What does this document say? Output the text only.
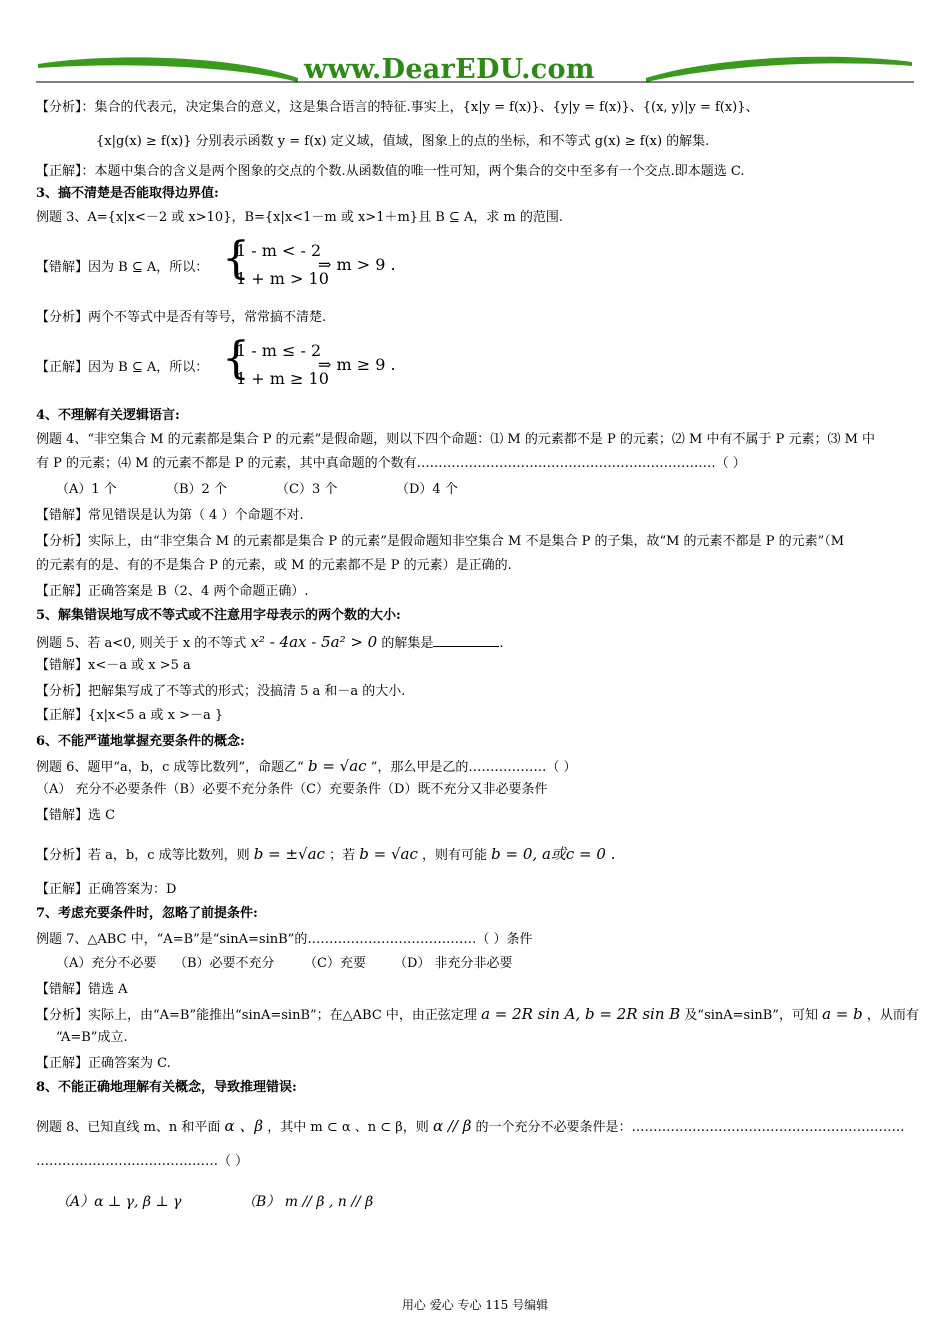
www.DearEDU.com
【分析】：集合的代表元，决定集合的意义，这是集合语言的特征.事实上，{x|y = f(x)}、{y|y = f(x)}、{(x, y)|y = f(x)}、
{x|g(x) ≥ f(x)} 分别表示函数 y = f(x) 定义域，值域，图象上的点的坐标，和不等式 g(x) ≥ f(x) 的解集.
【正解】：本题中集合的含义是两个图象的交点的个数.从函数值的唯一性可知，两个集合的交中至多有一个交点.即本题选 C.
3、搞不清楚是否能取得边界值:
例题 3、A={x|x<－2 或 x>10}，B={x|x<1－m 或 x>1＋m}且 B ⊆ A，求 m 的范围.
【错解】因为 B ⊆ A，所以： {
1 - m < - 2
1 + m > 10
⇒ m > 9 .
【分析】两个不等式中是否有等号，常常搞不清楚.
【正解】因为 B ⊆ A，所以： {
1 - m ≤ - 2
1 + m ≥ 10
⇒ m ≥ 9 .
4、不理解有关逻辑语言:
例题 4、“非空集合 M 的元素都是集合 P 的元素”是假命题，则以下四个命题：⑴ M 的元素都不是 P 的元素；⑵ M 中有不属于 P 元素；⑶ M 中
有 P 的元素；⑷ M 的元素不都是 P 的元素，其中真命题的个数有……………………………………………………………（ ）
（A）1 个	（B）2 个	（C）3 个	（D）4 个
【错解】常见错误是认为第（ 4 ）个命题不对.
【分析】实际上，由“非空集合 M 的元素都是集合 P 的元素”是假命题知非空集合 M 不是集合 P 的子集，故“M 的元素不都是 P 的元素”（M
的元素有的是、有的不是集合 P 的元素，或 M 的元素都不是 P 的元素）是正确的.
【正解】正确答案是 B（2、4 两个命题正确）.
5、解集错误地写成不等式或不注意用字母表示的两个数的大小:
例题 5、若 a<0, 则关于 x 的不等式 x² - 4ax - 5a² > 0 的解集是	.
【错解】x<－a 或 x >5 a
【分析】把解集写成了不等式的形式；没搞清 5 a 和－a 的大小.
【正解】{x|x<5 a 或 x >－a }
6、不能严谨地掌握充要条件的概念:
例题 6、题甲“a，b，c 成等比数列”，命题乙“ b = √ac ”，那么甲是乙的………………（ ）
（A） 充分不必要条件（B）必要不充分条件（C）充要条件（D）既不充分又非必要条件
【错解】选 C
【分析】若 a，b，c 成等比数列，则 b = ±√ac ；若 b = √ac ，则有可能 b = 0, a或c = 0 .
【正解】正确答案为：D
7、考虑充要条件时，忽略了前提条件:
例题 7、△ABC 中，“A=B”是“sinA=sinB”的…………………………………（ ）条件
（A）充分不必要 （B）必要不充分 （C）充要 （D） 非充分非必要
【错解】错选 A
【分析】实际上，由“A=B”能推出“sinA=sinB”；在△ABC 中，由正弦定理 a = 2R sin A, b = 2R sin B 及“sinA=sinB”，可知 a = b ，从而有
“A=B”成立.
【正解】正确答案为 C.
8、不能正确地理解有关概念，导致推理错误:
例题 8、已知直线 m、n 和平面 α 、β ，其中 m ⊂ α 、n ⊂ β，则 α // β 的一个充分不必要条件是：………………………………………………………
……………………………………（ ）
（A）α ⊥ γ, β ⊥ γ	（B） m // β , n // β
用心 爱心 专心 115 号编辑
